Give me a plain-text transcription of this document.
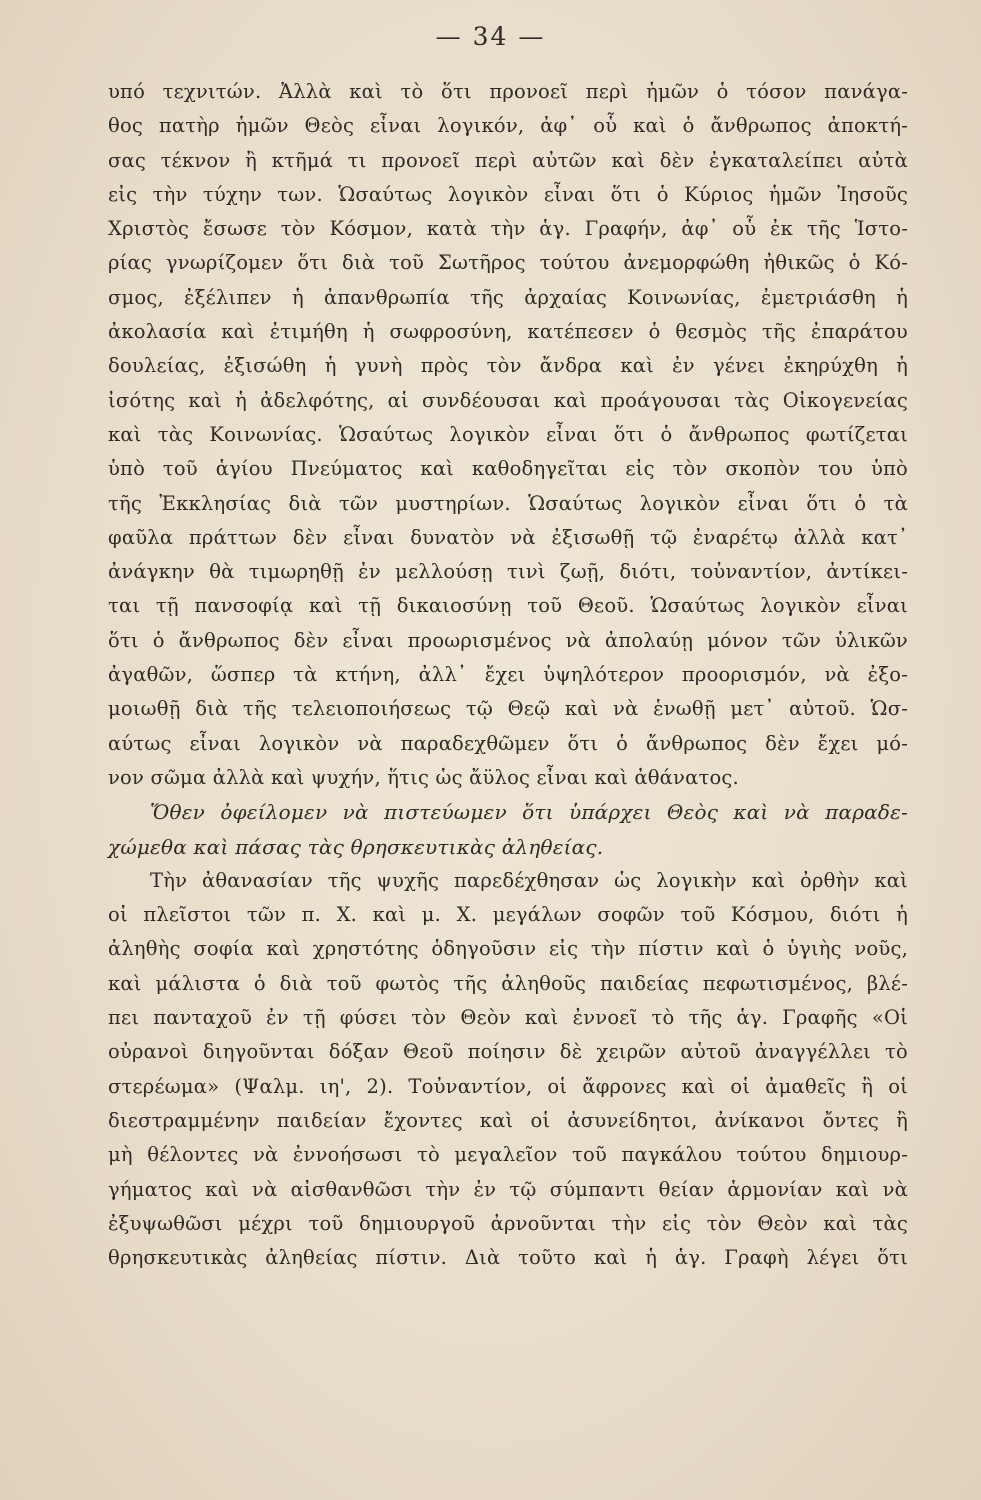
— 34 —
υπό τεχνιτών. Ἀλλὰ καὶ τὸ ὅτι προνοεῖ περὶ ἡμῶν ὁ τόσον πανάγα-
θος πατὴρ ἡμῶν Θεὸς εἶναι λογικόν, ἀφ᾽ οὗ καὶ ὁ ἄνθρωπος ἀποκτή-
σας τέκνον ἢ κτῆμά τι προνοεῖ περὶ αὐτῶν καὶ δὲν ἐγκαταλείπει αὐτὰ
εἰς τὴν τύχην των. Ὡσαύτως λογικὸν εἶναι ὅτι ὁ Κύριος ἡμῶν Ἰησοῦς
Χριστὸς ἔσωσε τὸν Κόσμον, κατὰ τὴν ἁγ. Γραφήν, ἀφ᾽ οὗ ἐκ τῆς Ἱστο-
ρίας γνωρίζομεν ὅτι διὰ τοῦ Σωτῆρος τούτου ἀνεμορφώθη ἠθικῶς ὁ Κό-
σμος, ἐξέλιπεν ἡ ἀπανθρωπία τῆς ἀρχαίας Κοινωνίας, ἐμετριάσθη ἡ
ἀκολασία καὶ ἐτιμήθη ἡ σωφροσύνη, κατέπεσεν ὁ θεσμὸς τῆς ἐπαράτου
δουλείας, ἐξισώθη ἡ γυνὴ πρὸς τὸν ἄνδρα καὶ ἐν γένει ἐκηρύχθη ἡ
ἰσότης καὶ ἡ ἀδελφότης, αἱ συνδέουσαι καὶ προάγουσαι τὰς Οἰκογενείας
καὶ τὰς Κοινωνίας. Ὡσαύτως λογικὸν εἶναι ὅτι ὁ ἄνθρωπος φωτίζεται
ὑπὸ τοῦ ἁγίου Πνεύματος καὶ καθοδηγεῖται εἰς τὸν σκοπὸν του ὑπὸ
τῆς Ἐκκλησίας διὰ τῶν μυστηρίων. Ὡσαύτως λογικὸν εἶναι ὅτι ὁ τὰ
φαῦλα πράττων δὲν εἶναι δυνατὸν νὰ ἐξισωθῇ τῷ ἐναρέτῳ ἀλλὰ κατ᾽
ἀνάγκην θὰ τιμωρηθῇ ἐν μελλούσῃ τινὶ ζωῇ, διότι, τοὐναντίον, ἀντίκει-
ται τῇ πανσοφίᾳ καὶ τῇ δικαιοσύνῃ τοῦ Θεοῦ. Ὡσαύτως λογικὸν εἶναι
ὅτι ὁ ἄνθρωπος δὲν εἶναι προωρισμένος νὰ ἀπολαύῃ μόνον τῶν ὑλικῶν
ἀγαθῶν, ὥσπερ τὰ κτήνη, ἀλλ᾽ ἔχει ὑψηλότερον προορισμόν, νὰ ἐξο-
μοιωθῇ διὰ τῆς τελειοποιήσεως τῷ Θεῷ καὶ νὰ ἑνωθῇ μετ᾽ αὐτοῦ. Ὡσ-
αύτως εἶναι λογικὸν νὰ παραδεχθῶμεν ὅτι ὁ ἄνθρωπος δὲν ἔχει μό-
νον σῶμα ἀλλὰ καὶ ψυχήν, ἥτις ὡς ἄϋλος εἶναι καὶ ἀθάνατος.
Ὅθεν ὀφείλομεν νὰ πιστεύωμεν ὅτι ὑπάρχει Θεὸς καὶ νὰ παραδε-
χώμεθα καὶ πάσας τὰς θρησκευτικὰς ἀληθείας.
Τὴν ἀθανασίαν τῆς ψυχῆς παρεδέχθησαν ὡς λογικὴν καὶ ὀρθὴν καὶ
οἱ πλεῖστοι τῶν π. Χ. καὶ μ. Χ. μεγάλων σοφῶν τοῦ Κόσμου, διότι ἡ
ἀληθὴς σοφία καὶ χρηστότης ὁδηγοῦσιν εἰς τὴν πίστιν καὶ ὁ ὑγιὴς νοῦς,
καὶ μάλιστα ὁ διὰ τοῦ φωτὸς τῆς ἀληθοῦς παιδείας πεφωτισμένος, βλέ-
πει πανταχοῦ ἐν τῇ φύσει τὸν Θεὸν καὶ ἐννοεῖ τὸ τῆς ἁγ. Γραφῆς «Οἱ
οὐρανοὶ διηγοῦνται δόξαν Θεοῦ ποίησιν δὲ χειρῶν αὐτοῦ ἀναγγέλλει τὸ
στερέωμα» (Ψαλμ. ιη', 2). Τοὐναντίον, οἱ ἄφρονες καὶ οἱ ἀμαθεῖς ἢ οἱ
διεστραμμένην παιδείαν ἔχοντες καὶ οἱ ἀσυνείδητοι, ἀνίκανοι ὄντες ἢ
μὴ θέλοντες νὰ ἐννοήσωσι τὸ μεγαλεῖον τοῦ παγκάλου τούτου δημιουρ-
γήματος καὶ νὰ αἰσθανθῶσι τὴν ἐν τῷ σύμπαντι θείαν ἁρμονίαν καὶ νὰ
ἐξυψωθῶσι μέχρι τοῦ δημιουργοῦ ἀρνοῦνται τὴν εἰς τὸν Θεὸν καὶ τὰς
θρησκευτικὰς ἀληθείας πίστιν. Διὰ τοῦτο καὶ ἡ ἁγ. Γραφὴ λέγει ὅτι
